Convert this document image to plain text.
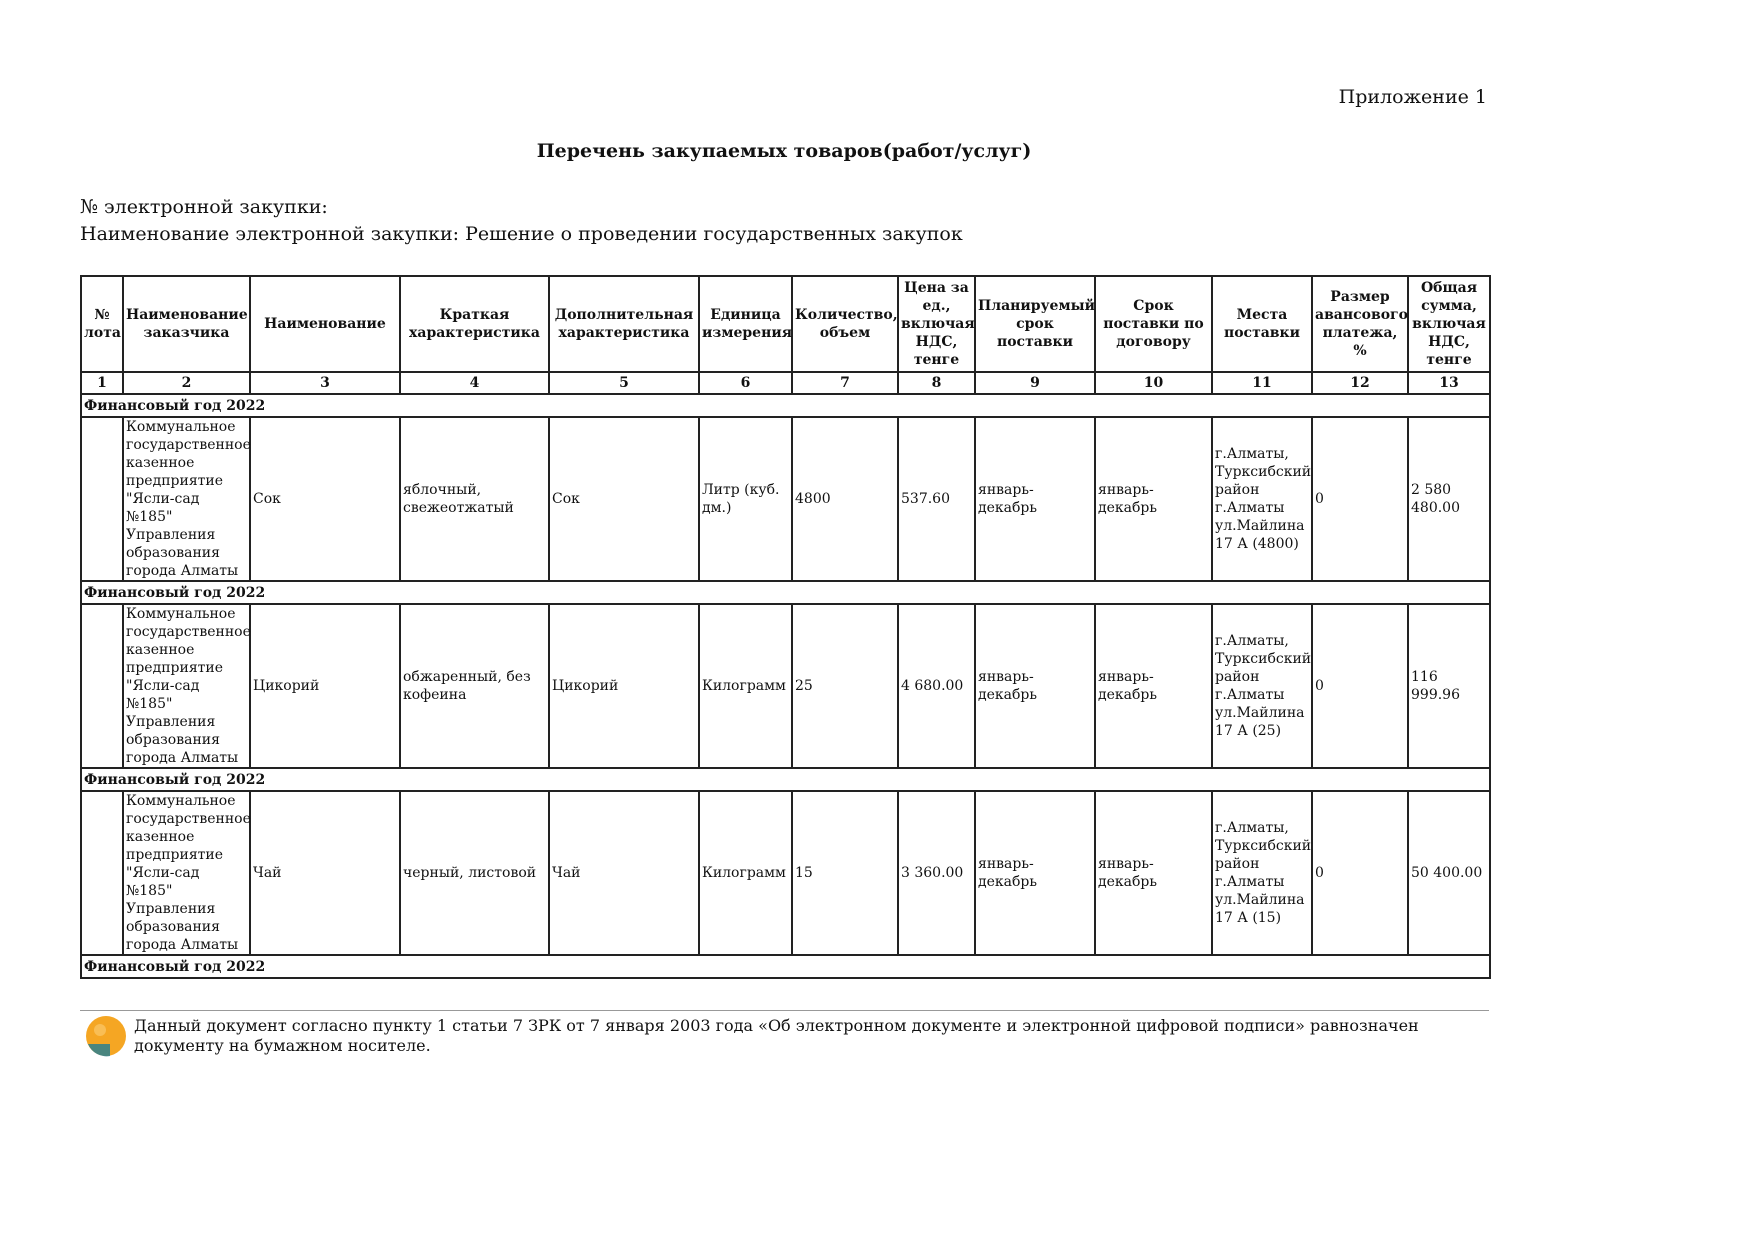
Приложение 1
Перечень закупаемых товаров(работ/услуг)
№ электронной закупки:
Наименование электронной закупки: Решение о проведении государственных закупок
№ лота	Наименование заказчика	Наименование	Краткая характеристика	Дополнительная характеристика	Единица измерения	Количество, объем	Цена за ед., включая НДС, тенге	Планируемый срок поставки	Срок поставки по договору	Места поставки	Размер авансового платежа, %	Общая сумма, включая НДС, тенге
1	2	3	4	5	6	7	8	9	10	11	12	13
Финансовый год 2022												
	Коммунальное государственное казенное предприятие "Ясли-сад №185" Управления образования города Алматы	Сок	яблочный, свежеотжатый	Сок	Литр (куб. дм.)	4800	537.60	январь-декабрь	январь-декабрь	г.Алматы, Турксибский район г.Алматы ул.Майлина 17 А (4800)	0	2 580 480.00
Финансовый год 2022												
	Коммунальное государственное казенное предприятие "Ясли-сад №185" Управления образования города Алматы	Цикорий	обжаренный, без кофеина	Цикорий	Килограмм	25	4 680.00	январь-декабрь	январь-декабрь	г.Алматы, Турксибский район г.Алматы ул.Майлина 17 А (25)	0	116 999.96
Финансовый год 2022												
	Коммунальное государственное казенное предприятие "Ясли-сад №185" Управления образования города Алматы	Чай	черный, листовой	Чай	Килограмм	15	3 360.00	январь-декабрь	январь-декабрь	г.Алматы, Турксибский район г.Алматы ул.Майлина 17 А (15)	0	50 400.00
Финансовый год 2022												
Данный документ согласно пункту 1 статьи 7 ЗРК от 7 января 2003 года «Об электронном документе и электронной цифровой подписи» равнозначен документу на бумажном носителе.
